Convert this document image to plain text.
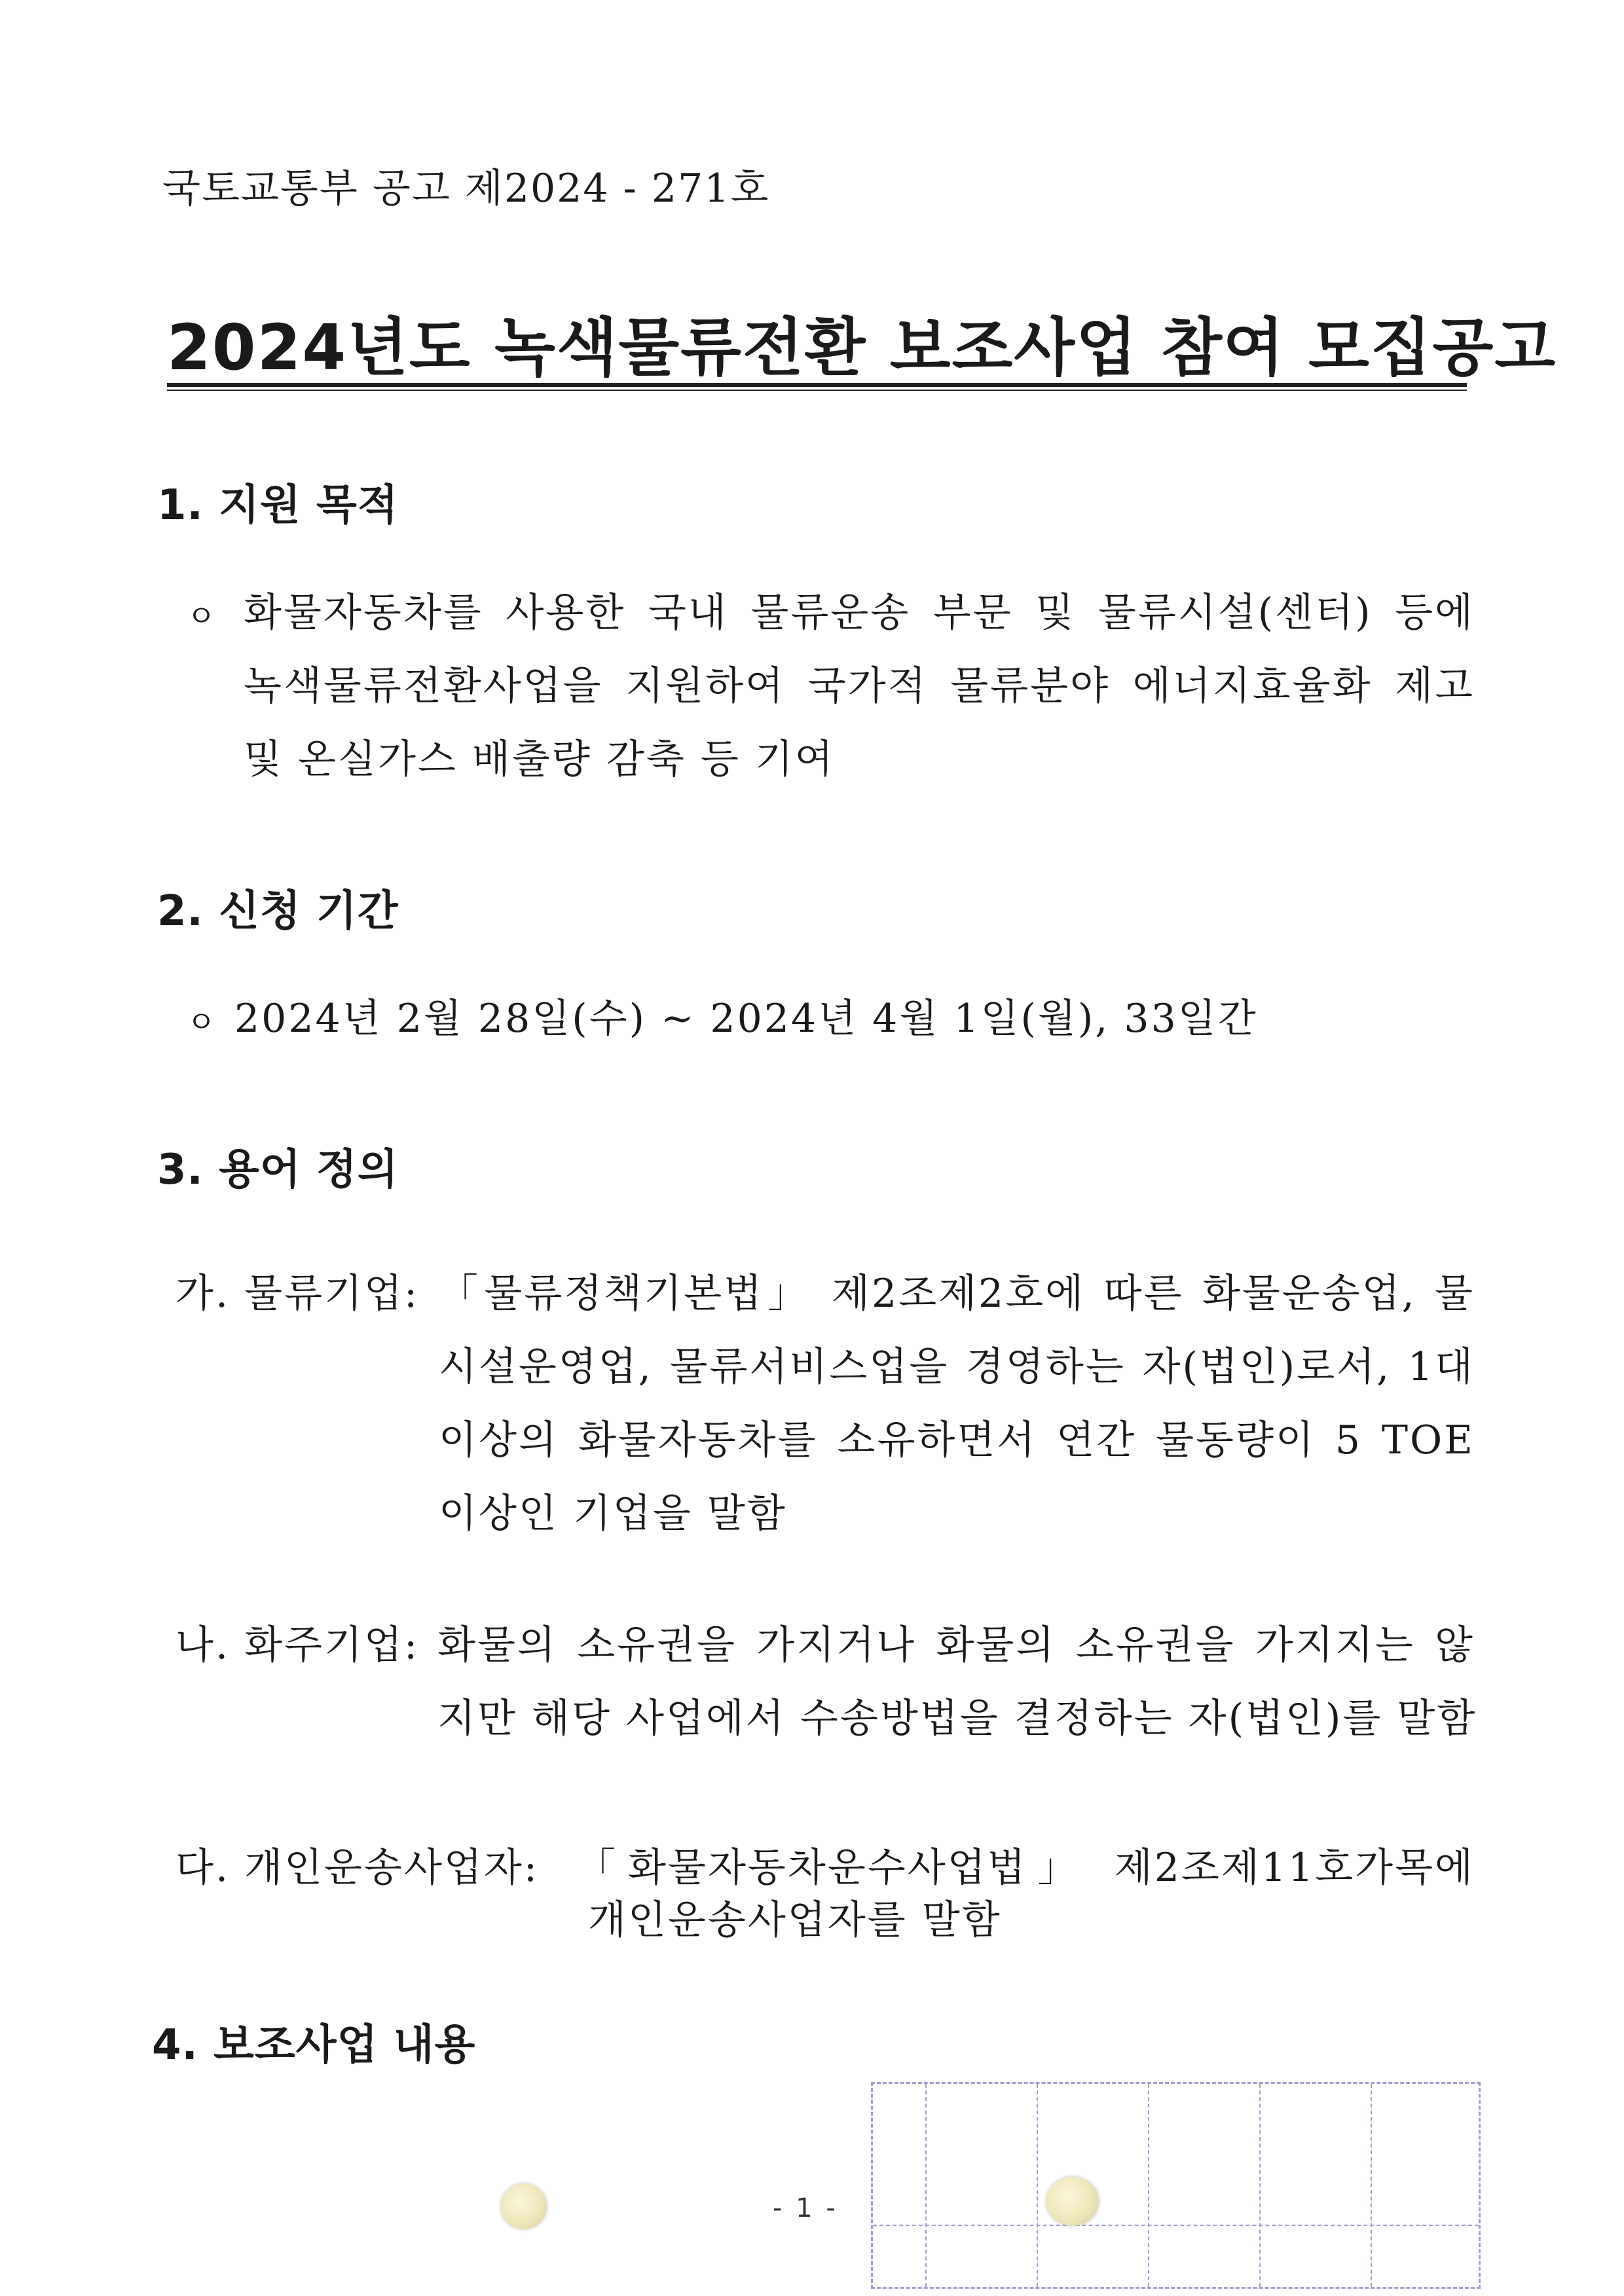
국토교통부 공고 제2024 - 271호
2024년도 녹색물류전환 보조사업 참여 모집공고
1. 지원 목적
ㅇ 화물자동차를 사용한 국내 물류운송 부문 및 물류시설(센터) 등에
녹색물류전환사업을 지원하여 국가적 물류분야 에너지효율화 제고
및 온실가스 배출량 감축 등 기여
2. 신청 기간
ㅇ 2024년 2월 28일(수) ~ 2024년 4월 1일(월), 33일간
3. 용어 정의
가. 물류기업: 「물류정책기본법」 제2조제2호에 따른 화물운송업, 물
시설운영업, 물류서비스업을 경영하는 자(법인)로서, 1대
이상의 화물자동차를 소유하면서 연간 물동량이 5 TOE
이상인 기업을 말함
나. 화주기업: 화물의 소유권을 가지거나 화물의 소유권을 가지지는 않
지만 해당 사업에서 수송방법을 결정하는 자(법인)를 말함
다. 개인운송사업자: 「화물자동차운수사업법」 제2조제11호가목에
개인운송사업자를 말함
4. 보조사업 내용
- 1 -
